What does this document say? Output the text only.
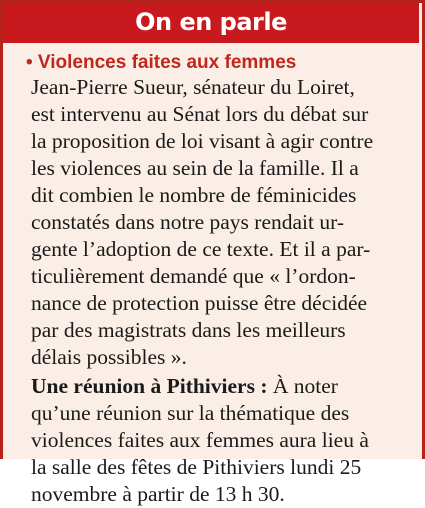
On en parle
• Violences faites aux femmes
Jean-Pierre Sueur, sénateur du Loiret,
est intervenu au Sénat lors du débat sur
la proposition de loi visant à agir contre
les violences au sein de la famille. Il a
dit combien le nombre de féminicides
constatés dans notre pays rendait ur-
gente l’adoption de ce texte. Et il a par-
ticulièrement demandé que « l’ordon-
nance de protection puisse être décidée
par des magistrats dans les meilleurs
délais possibles ».
Une réunion à Pithiviers : À noter
qu’une réunion sur la thématique des
violences faites aux femmes aura lieu à
la salle des fêtes de Pithiviers lundi 25
novembre à partir de 13 h 30.
